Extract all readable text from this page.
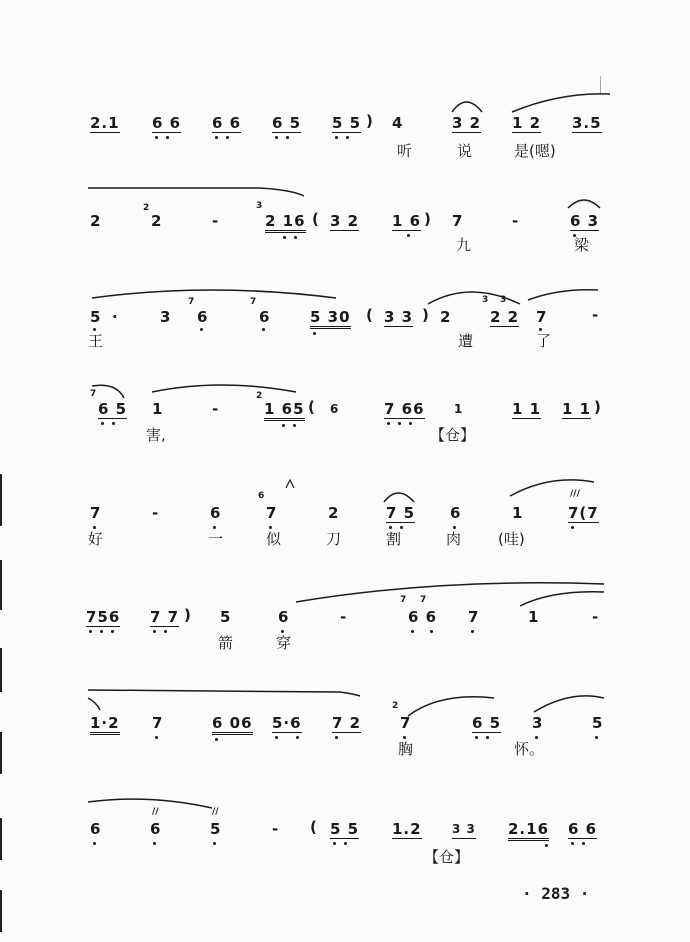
2.1 6 6 6 6 6 5 5 5 ) 4	3 2 1 2 3.5
听	说	是(嗯)
2
2
2	-
3
2 16 ( 3 2 1 6 ) 7	-	6 3
九	梁
5 ·	3
7
6
7
6	5 30 ( 3 3 ) 2
3 3
2 2 7	-
王	遭	了
7
6 5 1	-
2
1 65 ( 6	7 66 1	1 1 1 1 )
害,	【仓】
7	-	6
6
7	2	7 5 6	1
///
7(7
好	一	似	刀	割	肉 (哇)
756 7 7 ) 5	6	-
7 7
6 6 7	1	-
箭	穿
1·2 7	6 06 5·6 7 2
2
7	6 5 3	5
胸	怀。
6
//
6
//
5	- ( 5 5 1.2	3 3 2.16 6 6
【仓】
· 283 ·
